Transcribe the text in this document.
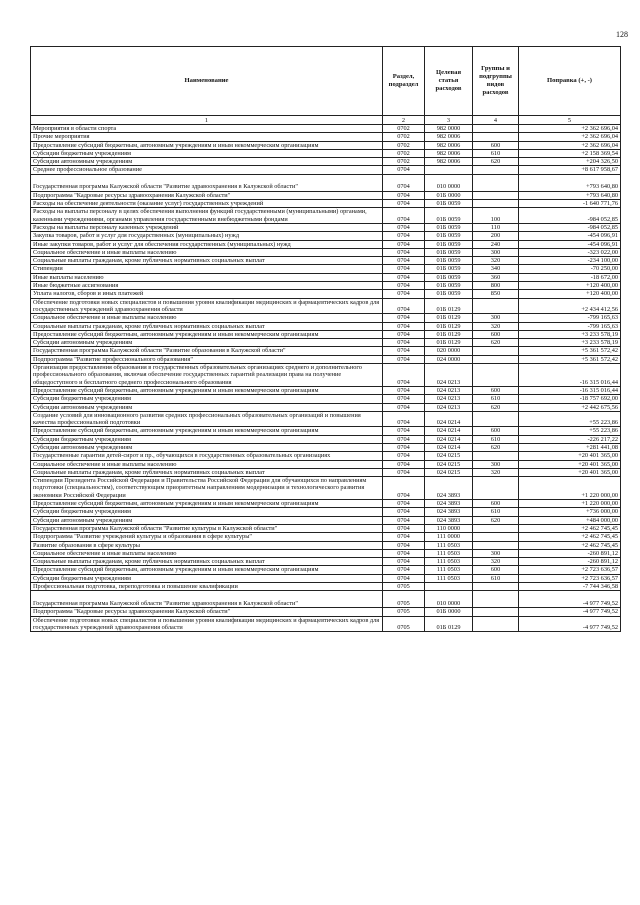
128
Наименование	Раздел, подраздел	Целевая статья расходов	Группы и подгруппы видов расходов	Поправка (+, -)
1	2	3	4	5
Мероприятия в области спорта	0702	982 0000		+2 362 696,04
Прочие мероприятия	0702	982 0006		+2 362 696,04
Предоставление субсидий бюджетным, автономным учреждениям и иным некоммерческим организациям	0702	982 0006	600	+2 362 696,04
Субсидии бюджетным учреждениям	0702	982 0006	610	+2 158 369,54
Субсидии автономным учреждениям	0702	982 0006	620	+204 326,50
Среднее профессиональное образование	0704			+8 617 958,67
Государственная программа Калужской области "Развитие здравоохранения в Калужской области"	0704	010 0000		+793 640,80
Подпрограмма "Кадровые ресурсы здравоохранения Калужской области"	0704	01Б 0000		+793 640,80
Расходы на обеспечение деятельности (оказание услуг) государственных учреждений	0704	01Б 0059		-1 640 771,76
Расходы на выплаты персоналу в целях обеспечения выполнения функций государственными (муниципальными) органами, казенными учреждениями, органами управления государственными внебюджетными фондами	0704	01Б 0059	100	-984 052,85
Расходы на выплаты персоналу казенных учреждений	0704	01Б 0059	110	-984 052,85
Закупка товаров, работ и услуг для государственных (муниципальных) нужд	0704	01Б 0059	200	-454 096,91
Иные закупки товаров, работ и услуг для обеспечения государственных (муниципальных) нужд	0704	01Б 0059	240	-454 096,91
Социальное обеспечение и иные выплаты населению	0704	01Б 0059	300	-323 022,00
Социальные выплаты гражданам, кроме публичных нормативных социальных выплат	0704	01Б 0059	320	-234 100,00
Стипендии	0704	01Б 0059	340	-70 250,00
Иные выплаты населению	0704	01Б 0059	360	-18 672,00
Иные бюджетные ассигнования	0704	01Б 0059	800	+120 400,00
Уплата налогов, сборов и иных платежей	0704	01Б 0059	850	+120 400,00
Обеспечение подготовки новых специалистов и повышения уровня квалификации медицинских и фармацевтических кадров для государственных учреждений здравоохранения области	0704	01Б 0129		+2 434 412,56
Социальное обеспечение и иные выплаты населению	0704	01Б 0129	300	-799 165,63
Социальные выплаты гражданам, кроме публичных нормативных социальных выплат	0704	01Б 0129	320	-799 165,63
Предоставление субсидий бюджетным, автономным учреждениям и иным некоммерческим организациям	0704	01Б 0129	600	+3 233 578,19
Субсидии автономным учреждениям	0704	01Б 0129	620	+3 233 578,19
Государственная программа Калужской области "Развитие образования в Калужской области"	0704	020 0000		+5 361 572,42
Подпрограмма "Развитие профессионального образования"	0704	024 0000		+5 361 572,42
Организация предоставления образования в государственных образовательных организациях среднего и дополнительного профессионального образования, включая обеспечение государственных гарантий реализации права на получение общедоступного и бесплатного среднего профессионального образования	0704	024 0213		-16 315 016,44
Предоставление субсидий бюджетным, автономным учреждениям и иным некоммерческим организациям	0704	024 0213	600	-16 315 016,44
Субсидии бюджетным учреждениям	0704	024 0213	610	-18 757 692,00
Субсидии автономным учреждениям	0704	024 0213	620	+2 442 675,56
Создание условий для инновационного развития средних профессиональных образовательных организаций и повышения качества профессиональной подготовки	0704	024 0214		+55 223,86
Предоставление субсидий бюджетным, автономным учреждениям и иным некоммерческим организациям	0704	024 0214	600	+55 223,86
Субсидии бюджетным учреждениям	0704	024 0214	610	-226 217,22
Субсидии автономным учреждениям	0704	024 0214	620	+281 441,08
Государственные гарантии детей-сирот и пр., обучающихся в государственных образовательных организациях	0704	024 0215		+20 401 365,00
Социальное обеспечение и иные выплаты населению	0704	024 0215	300	+20 401 365,00
Социальные выплаты гражданам, кроме публичных нормативных социальных выплат	0704	024 0215	320	+20 401 365,00
Стипендии Президента Российской Федерации и Правительства Российской Федерации для обучающихся по направлениям подготовки (специальностям), соответствующим приоритетным направлениям модернизации и технологического развития экономики Российской Федерации	0704	024 3893		+1 220 000,00
Предоставление субсидий бюджетным, автономным учреждениям и иным некоммерческим организациям	0704	024 3893	600	+1 220 000,00
Субсидии бюджетным учреждениям	0704	024 3893	610	+736 000,00
Субсидии автономным учреждениям	0704	024 3893	620	+484 000,00
Государственная программа Калужской области "Развитие культуры в Калужской области"	0704	110 0000		+2 462 745,45
Подпрограмма "Развитие учреждений культуры и образования в сфере культуры"	0704	111 0000		+2 462 745,45
Развитие образования в сфере культуры	0704	111 0503		+2 462 745,45
Социальное обеспечение и иные выплаты населению	0704	111 0503	300	-260 891,12
Социальные выплаты гражданам, кроме публичных нормативных социальных выплат	0704	111 0503	320	-260 891,12
Предоставление субсидий бюджетным, автономным учреждениям и иным некоммерческим организациям	0704	111 0503	600	+2 723 636,57
Субсидии бюджетным учреждениям	0704	111 0503	610	+2 723 636,57
Профессиональная подготовка, переподготовка и повышение квалификации	0705			-7 744 346,58
Государственная программа Калужской области "Развитие здравоохранения в Калужской области"	0705	010 0000		-4 977 749,52
Подпрограмма "Кадровые ресурсы здравоохранения Калужской области"	0705	01Б 0000		-4 977 749,52
Обеспечение подготовки новых специалистов и повышения уровня квалификации медицинских и фармацевтических кадров для государственных учреждений здравоохранения области	0705	01Б 0129		-4 977 749,52
